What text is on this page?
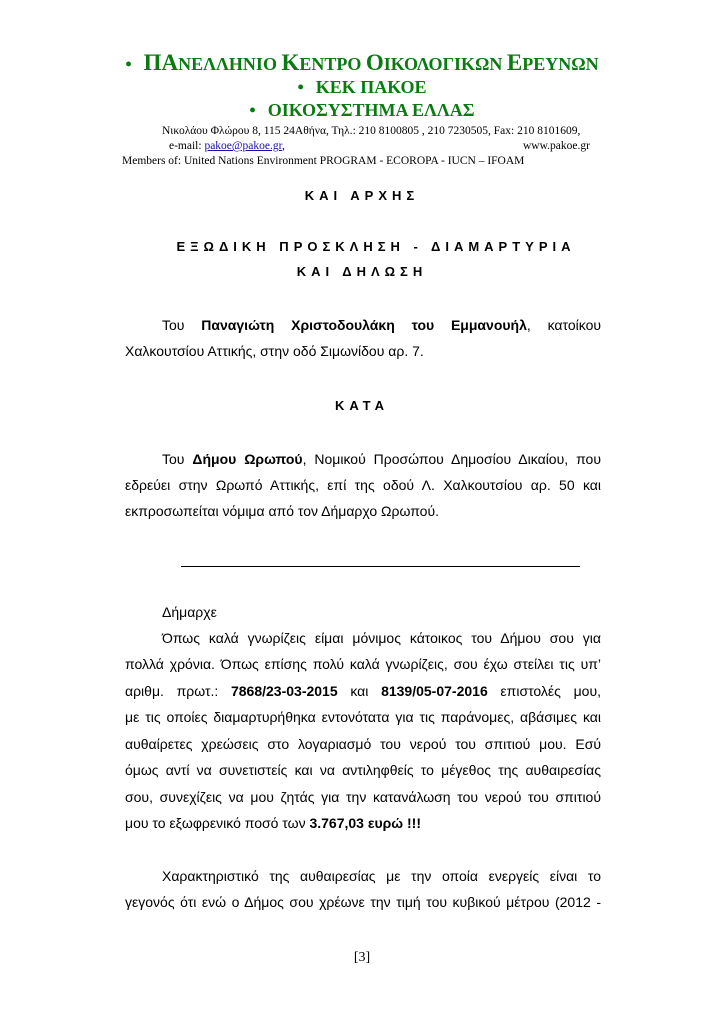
• ΠΑΝΕΛΛΗΝΙΟ ΚΕΝΤΡΟ ΟΙΚΟΛΟΓΙΚΩΝ ΕΡΕΥΝΩΝ
• ΚΕΚ ΠΑΚΟΕ
• ΟΙΚΟΣΥΣΤΗΜΑ ΕΛΛΑΣ
Νικολάου Φλώρου 8, 115 24Αθήνα, Τηλ.: 210 8100805 , 210 7230505, Fax: 210 8101609,
e-mail: pakoe@pakoe.gr,	www.pakoe.gr
Members of: United Nations Environment PROGRAM - ECOROPA - IUCN – IFOAM
ΚΑΙ ΑΡΧΗΣ
ΕΞΩΔΙΚΗ ΠΡΟΣΚΛΗΣΗ - ΔΙΑΜΑΡΤΥΡΙΑ
ΚΑΙ ΔΗΛΩΣΗ
Του Παναγιώτη Χριστοδουλάκη του Εμμανουήλ, κατοίκου
Χαλκουτσίου Αττικής, στην οδό Σιμωνίδου αρ. 7.
ΚΑΤΑ
Του Δήμου Ωρωπού, Νομικού Προσώπου Δημοσίου Δικαίου, που
εδρεύει στην Ωρωπό Αττικής, επί της οδού Λ. Χαλκουτσίου αρ. 50 και
εκπροσωπείται νόμιμα από τον Δήμαρχο Ωρωπού.
Δήμαρχε
Όπως καλά γνωρίζεις είμαι μόνιμος κάτοικος του Δήμου σου για
πολλά χρόνια. Όπως επίσης πολύ καλά γνωρίζεις, σου έχω στείλει τις υπ’
αριθμ. πρωτ.: 7868/23-03-2015 και 8139/05-07-2016 επιστολές μου,
με τις οποίες διαμαρτυρήθηκα εντονότατα για τις παράνομες, αβάσιμες και
αυθαίρετες χρεώσεις στο λογαριασμό του νερού του σπιτιού μου. Εσύ
όμως αντί να συνετιστείς και να αντιληφθείς το μέγεθος της αυθαιρεσίας
σου, συνεχίζεις να μου ζητάς για την κατανάλωση του νερού του σπιτιού
μου το εξωφρενικό ποσό των 3.767,03 ευρώ !!!
Χαρακτηριστικό της αυθαιρεσίας με την οποία ενεργείς είναι το
γεγονός ότι ενώ ο Δήμος σου χρέωνε την τιμή του κυβικού μέτρου (2012 -
[3]
